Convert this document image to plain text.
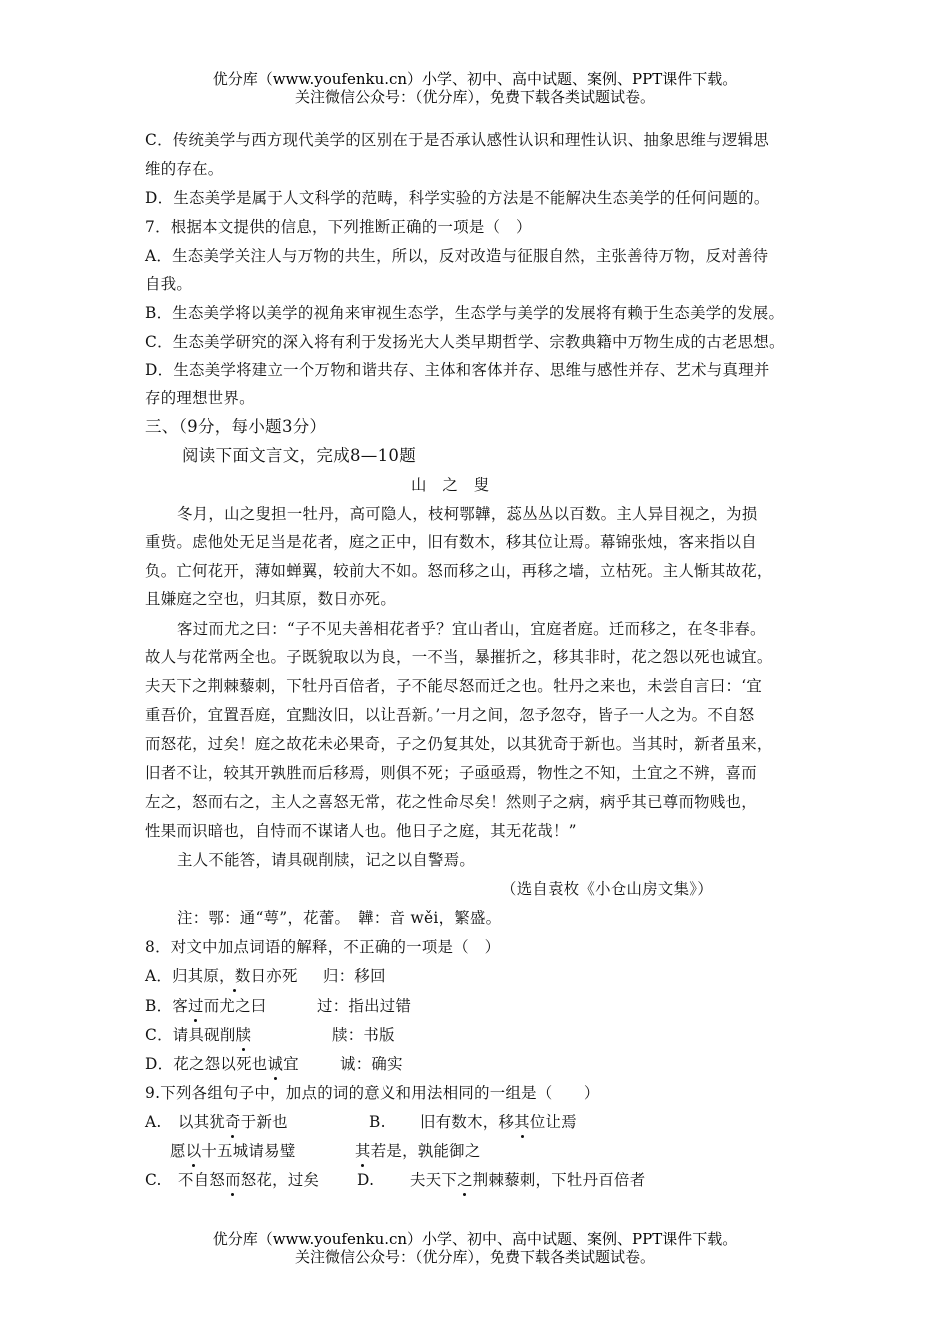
优分库（www.youfenku.cn）小学、初中、高中试题、案例、PPT课件下载。
关注微信公众号：（优分库），免费下载各类试题试卷。
C．传统美学与西方现代美学的区别在于是否承认感性认识和理性认识、抽象思维与逻辑思
维的存在。
D．生态美学是属于人文科学的范畴，科学实验的方法是不能解决生态美学的任何问题的。
7．根据本文提供的信息，下列推断正确的一项是（　）
A．生态美学关注人与万物的共生，所以，反对改造与征服自然，主张善待万物，反对善待
自我。
B．生态美学将以美学的视角来审视生态学，生态学与美学的发展将有赖于生态美学的发展。
C．生态美学研究的深入将有利于发扬光大人类早期哲学、宗教典籍中万物生成的古老思想。
D．生态美学将建立一个万物和谐共存、主体和客体并存、思维与感性并存、艺术与真理并
存的理想世界。
三、（9分，每小题3分）
阅读下面文言文，完成8—10题
山　之　叟
冬月，山之叟担一牡丹，高可隐人，枝柯鄂韡，蕊丛丛以百数。主人异目视之，为损
重赀。虑他处无足当是花者，庭之正中，旧有数木，移其位让焉。幕锦张烛，客来指以自
负。亡何花开，薄如蝉翼，较前大不如。怒而移之山，再移之墙，立枯死。主人惭其故花，
且嫌庭之空也，归其原，数日亦死。
客过而尤之曰：“子不见夫善相花者乎？宜山者山，宜庭者庭。迁而移之，在冬非春。
故人与花常两全也。子既貌取以为良，一不当，暴摧折之，移其非时，花之怨以死也诚宜。
夫天下之荆棘藜刺，下牡丹百倍者，子不能尽怒而迁之也。牡丹之来也，未尝自言曰：‘宜
重吾价，宜置吾庭，宜黜汝旧，以让吾新。’一月之间，忽予忽夺，皆子一人之为。不自怒
而怒花，过矣！庭之故花未必果奇，子之仍复其处，以其犹奇于新也。当其时，新者虽来，
旧者不让，较其开孰胜而后移焉，则俱不死；子亟亟焉，物性之不知，土宜之不辨，喜而
左之，怒而右之，主人之喜怒无常，花之性命尽矣！然则子之病，病乎其已尊而物贱也，
性果而识暗也，自恃而不谋诸人也。他日子之庭，其无花哉！”
主人不能答，请具砚削牍，记之以自警焉。
（选自袁枚《小仓山房文集》）
注：鄂：通“萼”，花蕾。　韡：音 wěi，繁盛。
8．对文中加点词语的解释，不正确的一项是（　）
A．归其原，数日亦死 归：移回
B．客过而尤之曰	过：指出过错
C．请具砚削牍	牍：书版
D．花之怨以死也诚宜	诚：确实
9.下列各组句子中，加点的词的意义和用法相同的一组是（　　）
A. 以其犹奇于新也	B. 旧有数木，移其位让焉
愿以十五城请易璧	其若是，孰能御之
C. 不自怒而怒花，过矣 D. 夫天下之荆棘藜刺，下牡丹百倍者
优分库（www.youfenku.cn）小学、初中、高中试题、案例、PPT课件下载。
关注微信公众号：（优分库），免费下载各类试题试卷。
